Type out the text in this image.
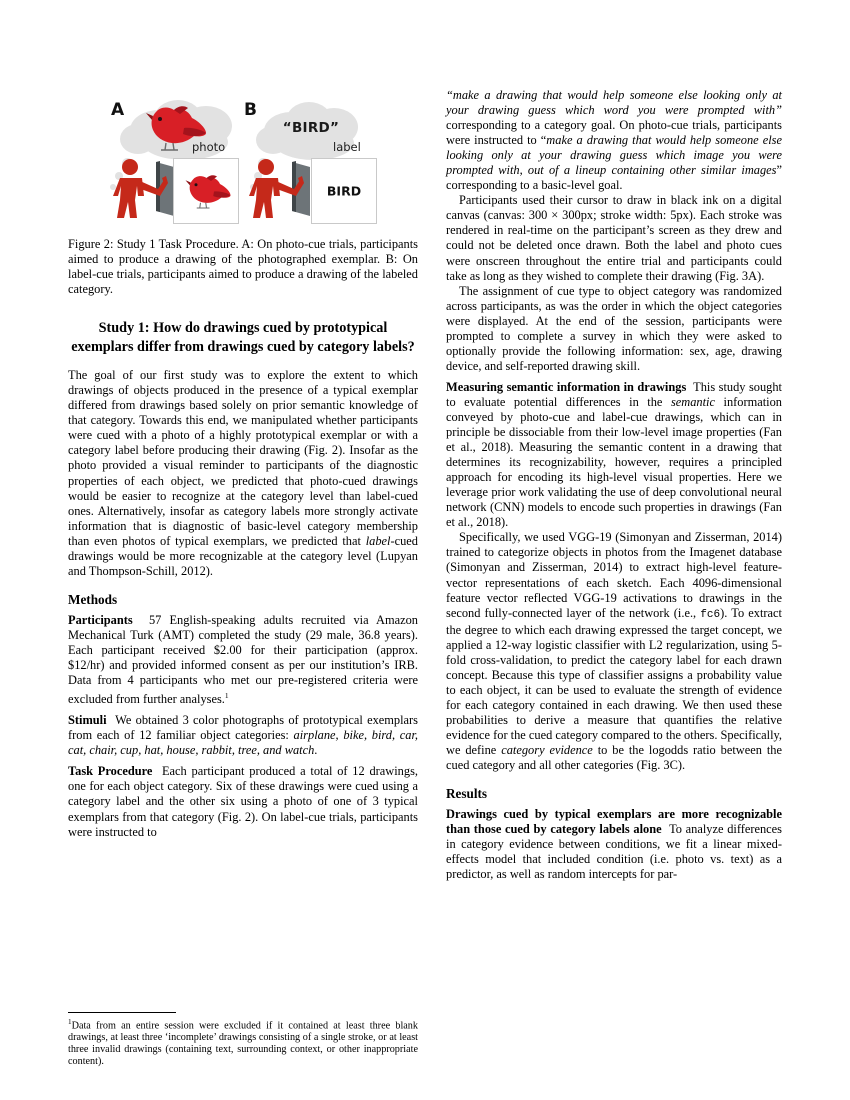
A
photo
B
“BIRD”
label
BIRD

Figure 2: Study 1 Task Procedure. A: On photo-cue trials, participants aimed to produce a drawing of the photographed exemplar. B: On label-cue trials, participants aimed to produce a drawing of the labeled category.

Study 1: How do drawings cued by prototypical exemplars differ from drawings cued by category labels?

The goal of our first study was to explore the extent to which drawings of objects produced in the presence of a typical exemplar differed from drawings based solely on prior semantic knowledge of that category. Towards this end, we manipulated whether participants were cued with a photo of a highly prototypical exemplar or with a category label before producing their drawing (Fig. 2). Insofar as the photo provided a visual reminder to participants of the diagnostic properties of each object, we predicted that photo-cued drawings would be easier to recognize at the category level than label-cued ones. Alternatively, insofar as category labels more strongly activate information that is diagnostic of basic-level category membership than even photos of typical exemplars, we predicted that label-cued drawings would be more recognizable at the category level (Lupyan and Thompson-Schill, 2012).

Methods

Participants 57 English-speaking adults recruited via Amazon Mechanical Turk (AMT) completed the study (29 male, 36.8 years). Each participant received $2.00 for their participation (approx. $12/hr) and provided informed consent as per our institution’s IRB. Data from 4 participants who met our pre-registered criteria were excluded from further analyses.$^1$

Stimuli We obtained 3 color photographs of prototypical exemplars from each of 12 familiar object categories: airplane, bike, bird, car, cat, chair, cup, hat, house, rabbit, tree, and watch.

Task Procedure Each participant produced a total of 12 drawings, one for each object category. Six of these drawings were cued using a category label and the other six using a photo of one of 3 typical exemplars from that category (Fig. 2). On label-cue trials, participants were instructed to

$^1$Data from an entire session were excluded if it contained at least three blank drawings, at least three ‘incomplete’ drawings consisting of a single stroke, or at least three invalid drawings (containing text, surrounding context, or other inappropriate content).

“make a drawing that would help someone else looking only at your drawing guess which word you were prompted with” corresponding to a category goal. On photo-cue trials, participants were instructed to “make a drawing that would help someone else looking only at your drawing guess which image you were prompted with, out of a lineup containing other similar images” corresponding to a basic-level goal.

Participants used their cursor to draw in black ink on a digital canvas (canvas: 300 × 300px; stroke width: 5px). Each stroke was rendered in real-time on the participant’s screen as they drew and could not be deleted once drawn. Both the label and photo cues were onscreen throughout the entire trial and participants could take as long as they wished to complete their drawing (Fig. 3A).

The assignment of cue type to object category was randomized across participants, as was the order in which the object categories were displayed. At the end of the session, participants were prompted to complete a survey in which they were asked to optionally provide the following information: sex, age, drawing device, and self-reported drawing skill.

Measuring semantic information in drawings This study sought to evaluate potential differences in the semantic information conveyed by photo-cue and label-cue drawings, which can in principle be dissociable from their low-level image properties (Fan et al., 2018). Measuring the semantic content in a drawing that determines its recognizability, however, requires a principled approach for encoding its high-level visual properties. Here we leverage prior work validating the use of deep convolutional neural network (CNN) models to encode such properties in drawings (Fan et al., 2018).

Specifically, we used VGG-19 (Simonyan and Zisserman, 2014) trained to categorize objects in photos from the Imagenet database (Simonyan and Zisserman, 2014) to extract high-level feature-vector representations of each sketch. Each 4096-dimensional feature vector reflected VGG-19 activations to drawings in the second fully-connected layer of the network (i.e., fc6). To extract the degree to which each drawing expressed the target concept, we applied a 12-way logistic classifier with L2 regularization, using 5-fold cross-validation, to predict the category label for each drawn concept. Because this type of classifier assigns a probability value to each object, it can be used to evaluate the strength of evidence for each category contained in each drawing. We then used these probabilities to derive a measure that quantifies the relative evidence for the cued category compared to the others. Specifically, we define category evidence to be the logodds ratio between the cued category and all other categories (Fig. 3C).

Results

Drawings cued by typical exemplars are more recognizable than those cued by category labels alone To analyze differences in category evidence between conditions, we fit a linear mixed-effects model that included condition (i.e. photo vs. text) as a predictor, as well as random intercepts for par-
